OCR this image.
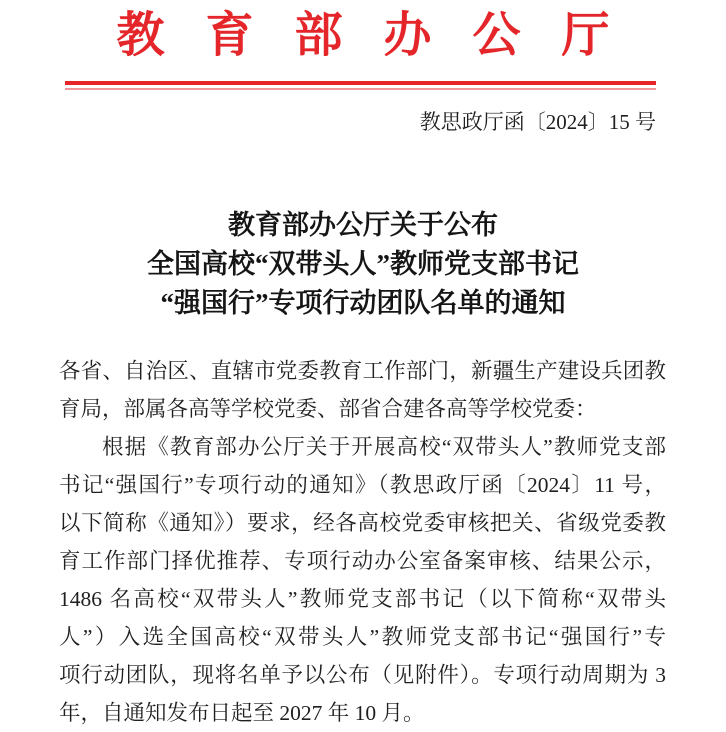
教育部办公厅
教思政厅函〔2024〕15 号
教育部办公厅关于公布
全国高校“双带头人”教师党支部书记
“强国行”专项行动团队名单的通知
各省、自治区、直辖市党委教育工作部门，新疆生产建设兵团教
育局，部属各高等学校党委、部省合建各高等学校党委：
根据《教育部办公厅关于开展高校“双带头人”教师党支部
书记“强国行”专项行动的通知》（教思政厅函〔2024〕11 号，
以下简称《通知》）要求，经各高校党委审核把关、省级党委教
育工作部门择优推荐、专项行动办公室备案审核、结果公示，
1486 名高校“双带头人”教师党支部书记（以下简称“双带头
人”）入选全国高校“双带头人”教师党支部书记“强国行”专
项行动团队，现将名单予以公布（见附件）。专项行动周期为 3
年，自通知发布日起至 2027 年 10 月。
